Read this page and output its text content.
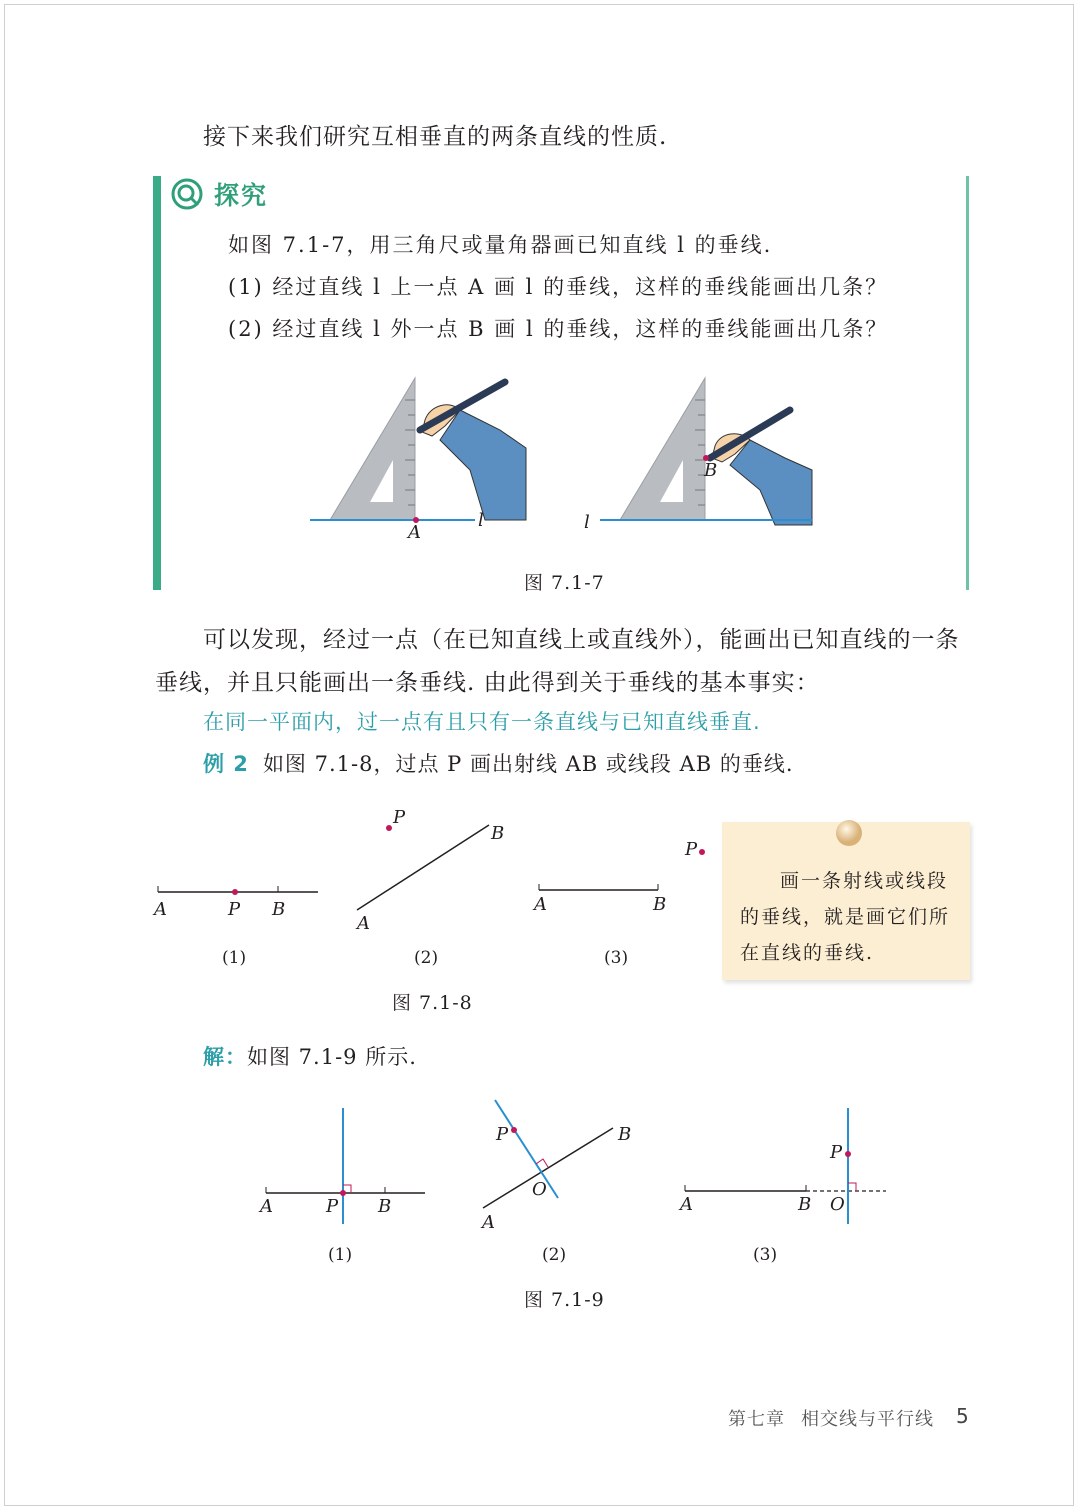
接下来我们研究互相垂直的两条直线的性质.
探究
如图 7.1-7，用三角尺或量角器画已知直线 l 的垂线.
(1) 经过直线 l 上一点 A 画 l 的垂线，这样的垂线能画出几条？
(2) 经过直线 l 外一点 B 画 l 的垂线，这样的垂线能画出几条？
A
l
B
l
图 7.1-7
可以发现，经过一点（在已知直线上或直线外），能画出已知直线的一条
垂线，并且只能画出一条垂线. 由此得到关于垂线的基本事实：
在同一平面内，过一点有且只有一条直线与已知直线垂直.
例 2 如图 7.1-8，过点 P 画出射线 AB 或线段 AB 的垂线.
A	P B
(1)
P
B
A
(2)
P
A	B
(3)
画一条射线或线段
的垂线，就是画它们所
在直线的垂线.
图 7.1-8
解：如图 7.1-9 所示.
A	P B
(1)
P	B
O
A
(2)
P
A	B O
(3)
图 7.1-9
第七章 相交线与平行线 5
